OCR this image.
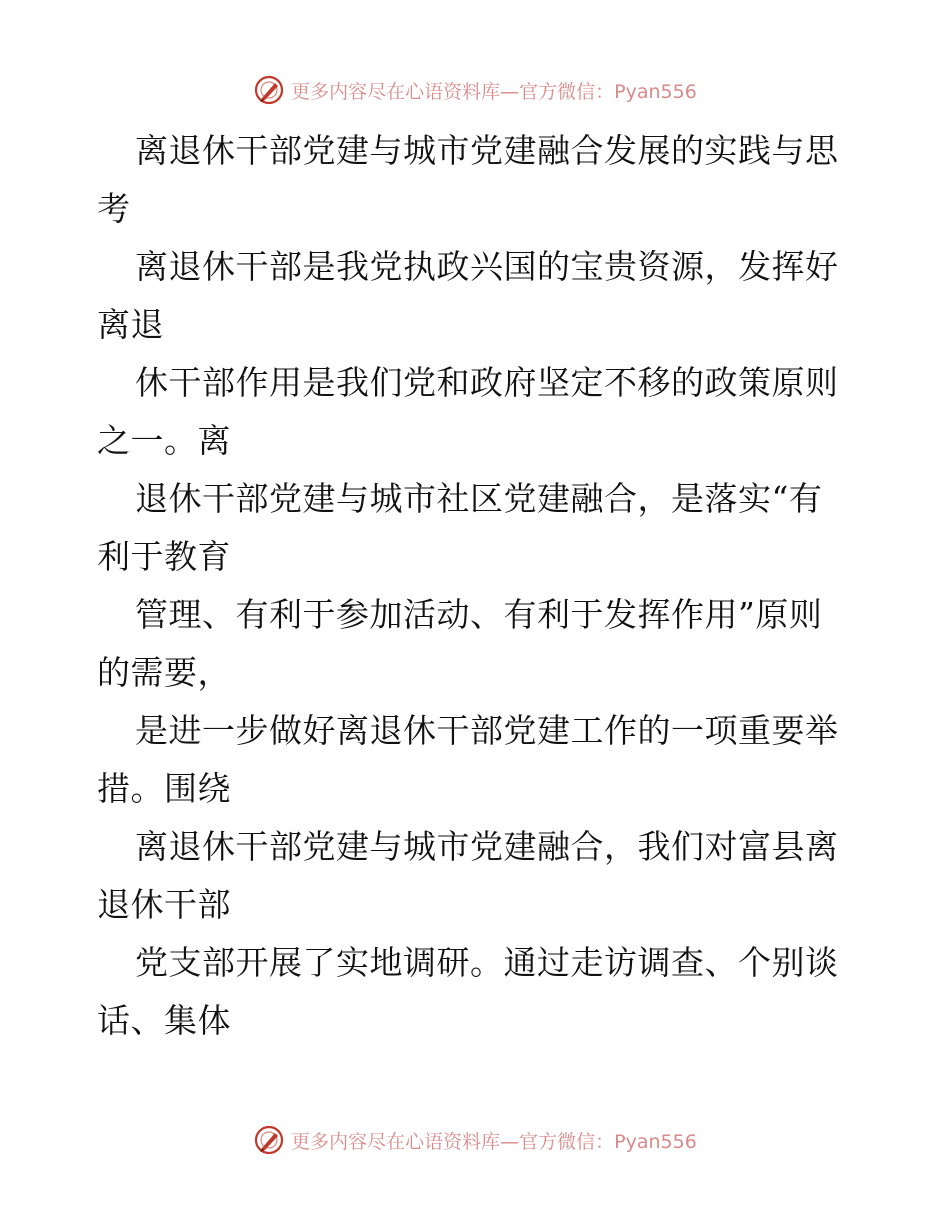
更多内容尽在心语资料库—官方微信：Pyan556
离退休干部党建与城市党建融合发展的实践与思
考
离退休干部是我党执政兴国的宝贵资源，发挥好
离退
休干部作用是我们党和政府坚定不移的政策原则
之一。离
退休干部党建与城市社区党建融合，是落实“有
利于教育
管理、有利于参加活动、有利于发挥作用”原则
的需要，
是进一步做好离退休干部党建工作的一项重要举
措。围绕
离退休干部党建与城市党建融合，我们对富县离
退休干部
党支部开展了实地调研。通过走访调查、个别谈
话、集体
更多内容尽在心语资料库—官方微信：Pyan556
